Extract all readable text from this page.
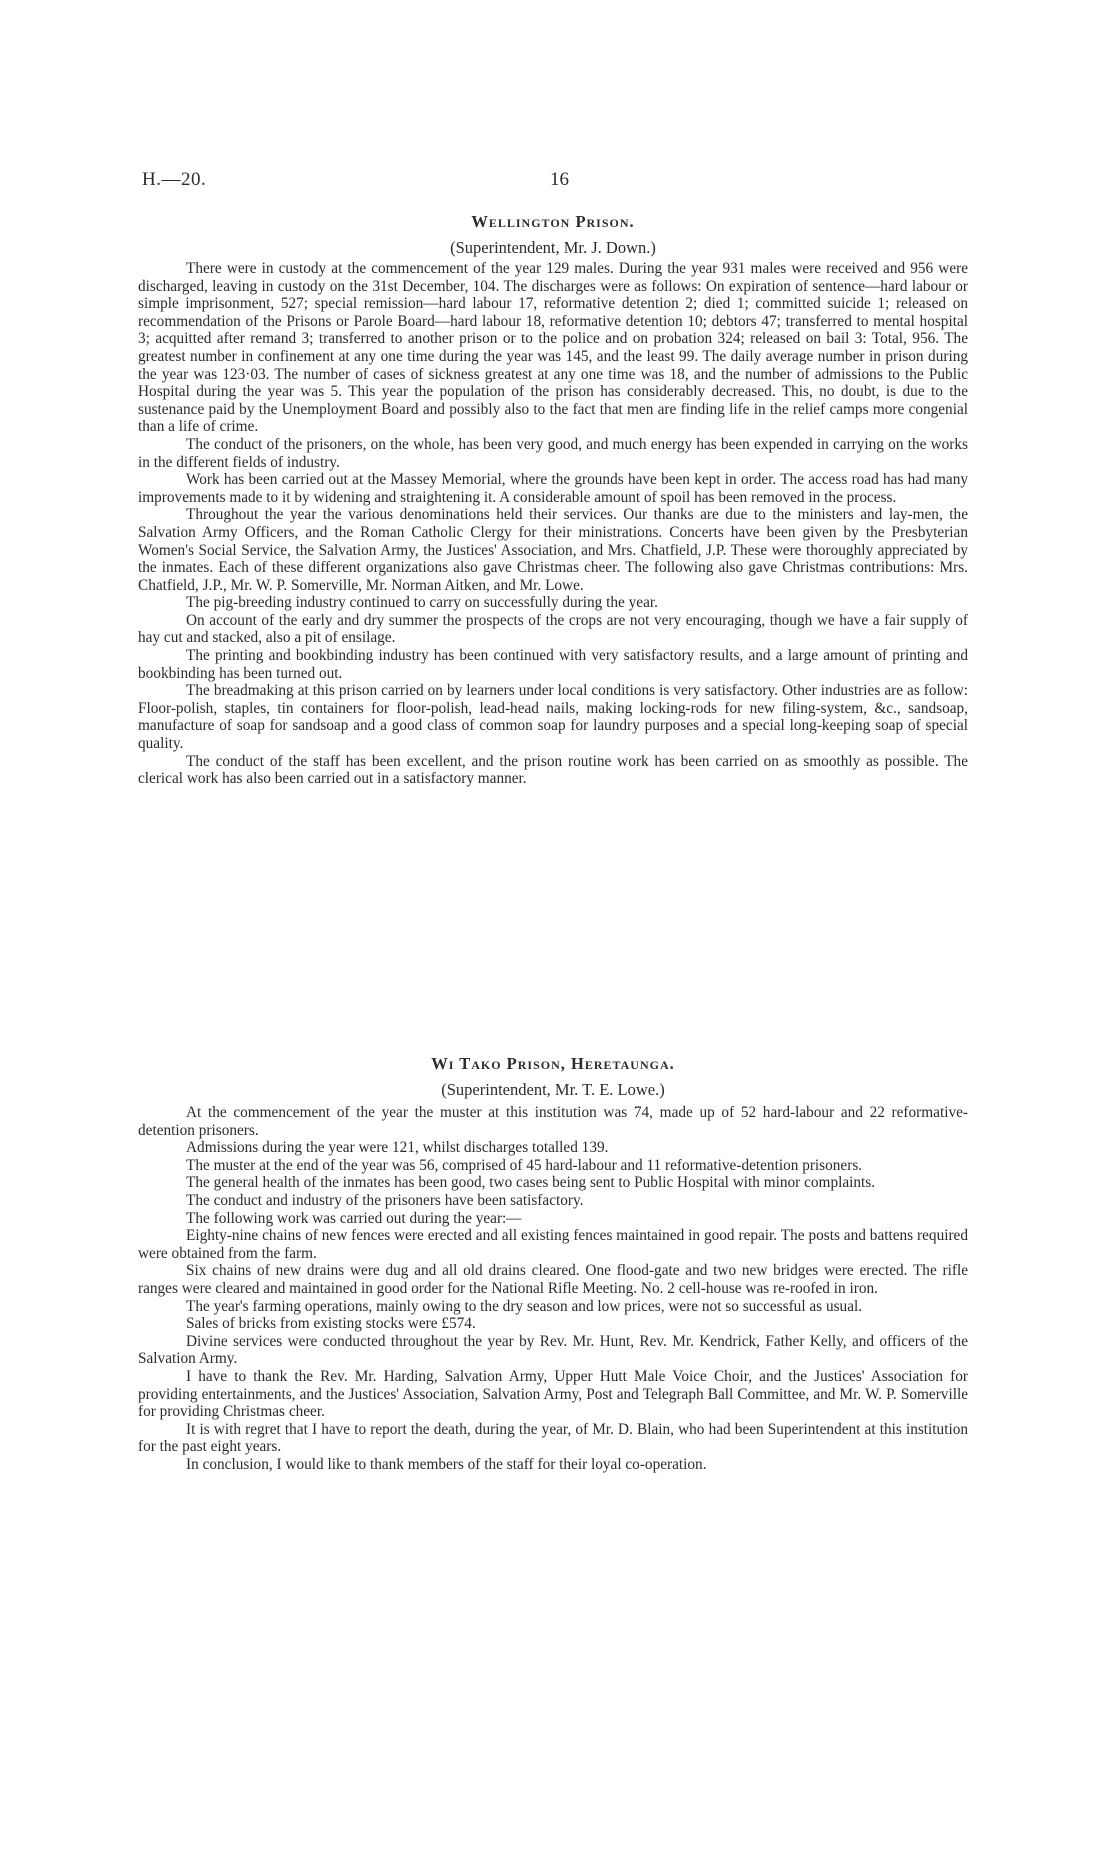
H.—20.	16
Wellington Prison.

(Superintendent, Mr. J. Down.)

There were in custody at the commencement of the year 129 males. During the year 931 males were received and 956 were discharged, leaving in custody on the 31st December, 104. The discharges were as follows: On expiration of sentence—hard labour or simple imprisonment, 527; special remission—hard labour 17, reformative detention 2; died 1; committed suicide 1; released on recommendation of the Prisons or Parole Board—hard labour 18, reformative detention 10; debtors 47; transferred to mental hospital 3; acquitted after remand 3; transferred to another prison or to the police and on probation 324; released on bail 3: Total, 956. The greatest number in confinement at any one time during the year was 145, and the least 99. The daily average number in prison during the year was 123·03. The number of cases of sickness greatest at any one time was 18, and the number of admissions to the Public Hospital during the year was 5. This year the population of the prison has considerably decreased. This, no doubt, is due to the sustenance paid by the Unemployment Board and possibly also to the fact that men are finding life in the relief camps more congenial than a life of crime.

The conduct of the prisoners, on the whole, has been very good, and much energy has been expended in carrying on the works in the different fields of industry.

Work has been carried out at the Massey Memorial, where the grounds have been kept in order. The access road has had many improvements made to it by widening and straightening it. A considerable amount of spoil has been removed in the process.

Throughout the year the various denominations held their services. Our thanks are due to the ministers and lay-men, the Salvation Army Officers, and the Roman Catholic Clergy for their ministrations. Concerts have been given by the Presbyterian Women's Social Service, the Salvation Army, the Justices' Association, and Mrs. Chatfield, J.P. These were thoroughly appreciated by the inmates. Each of these different organizations also gave Christmas cheer. The following also gave Christmas contributions: Mrs. Chatfield, J.P., Mr. W. P. Somerville, Mr. Norman Aitken, and Mr. Lowe.

The pig-breeding industry continued to carry on successfully during the year.

On account of the early and dry summer the prospects of the crops are not very encouraging, though we have a fair supply of hay cut and stacked, also a pit of ensilage.

The printing and bookbinding industry has been continued with very satisfactory results, and a large amount of printing and bookbinding has been turned out.

The breadmaking at this prison carried on by learners under local conditions is very satisfactory. Other industries are as follow: Floor-polish, staples, tin containers for floor-polish, lead-head nails, making locking-rods for new filing-system, &c., sandsoap, manufacture of soap for sandsoap and a good class of common soap for laundry purposes and a special long-keeping soap of special quality.

The conduct of the staff has been excellent, and the prison routine work has been carried on as smoothly as possible. The clerical work has also been carried out in a satisfactory manner.

Wi Tako Prison, Heretaunga.

(Superintendent, Mr. T. E. Lowe.)

At the commencement of the year the muster at this institution was 74, made up of 52 hard-labour and 22 reformative-detention prisoners.

Admissions during the year were 121, whilst discharges totalled 139.

The muster at the end of the year was 56, comprised of 45 hard-labour and 11 reformative-detention prisoners.

The general health of the inmates has been good, two cases being sent to Public Hospital with minor complaints.

The conduct and industry of the prisoners have been satisfactory.

The following work was carried out during the year:—

Eighty-nine chains of new fences were erected and all existing fences maintained in good repair. The posts and battens required were obtained from the farm.

Six chains of new drains were dug and all old drains cleared. One flood-gate and two new bridges were erected. The rifle ranges were cleared and maintained in good order for the National Rifle Meeting. No. 2 cell-house was re-roofed in iron.

The year's farming operations, mainly owing to the dry season and low prices, were not so successful as usual.

Sales of bricks from existing stocks were £574.

Divine services were conducted throughout the year by Rev. Mr. Hunt, Rev. Mr. Kendrick, Father Kelly, and officers of the Salvation Army.

I have to thank the Rev. Mr. Harding, Salvation Army, Upper Hutt Male Voice Choir, and the Justices' Association for providing entertainments, and the Justices' Association, Salvation Army, Post and Telegraph Ball Committee, and Mr. W. P. Somerville for providing Christmas cheer.

It is with regret that I have to report the death, during the year, of Mr. D. Blain, who had been Superintendent at this institution for the past eight years.

In conclusion, I would like to thank members of the staff for their loyal co-operation.
